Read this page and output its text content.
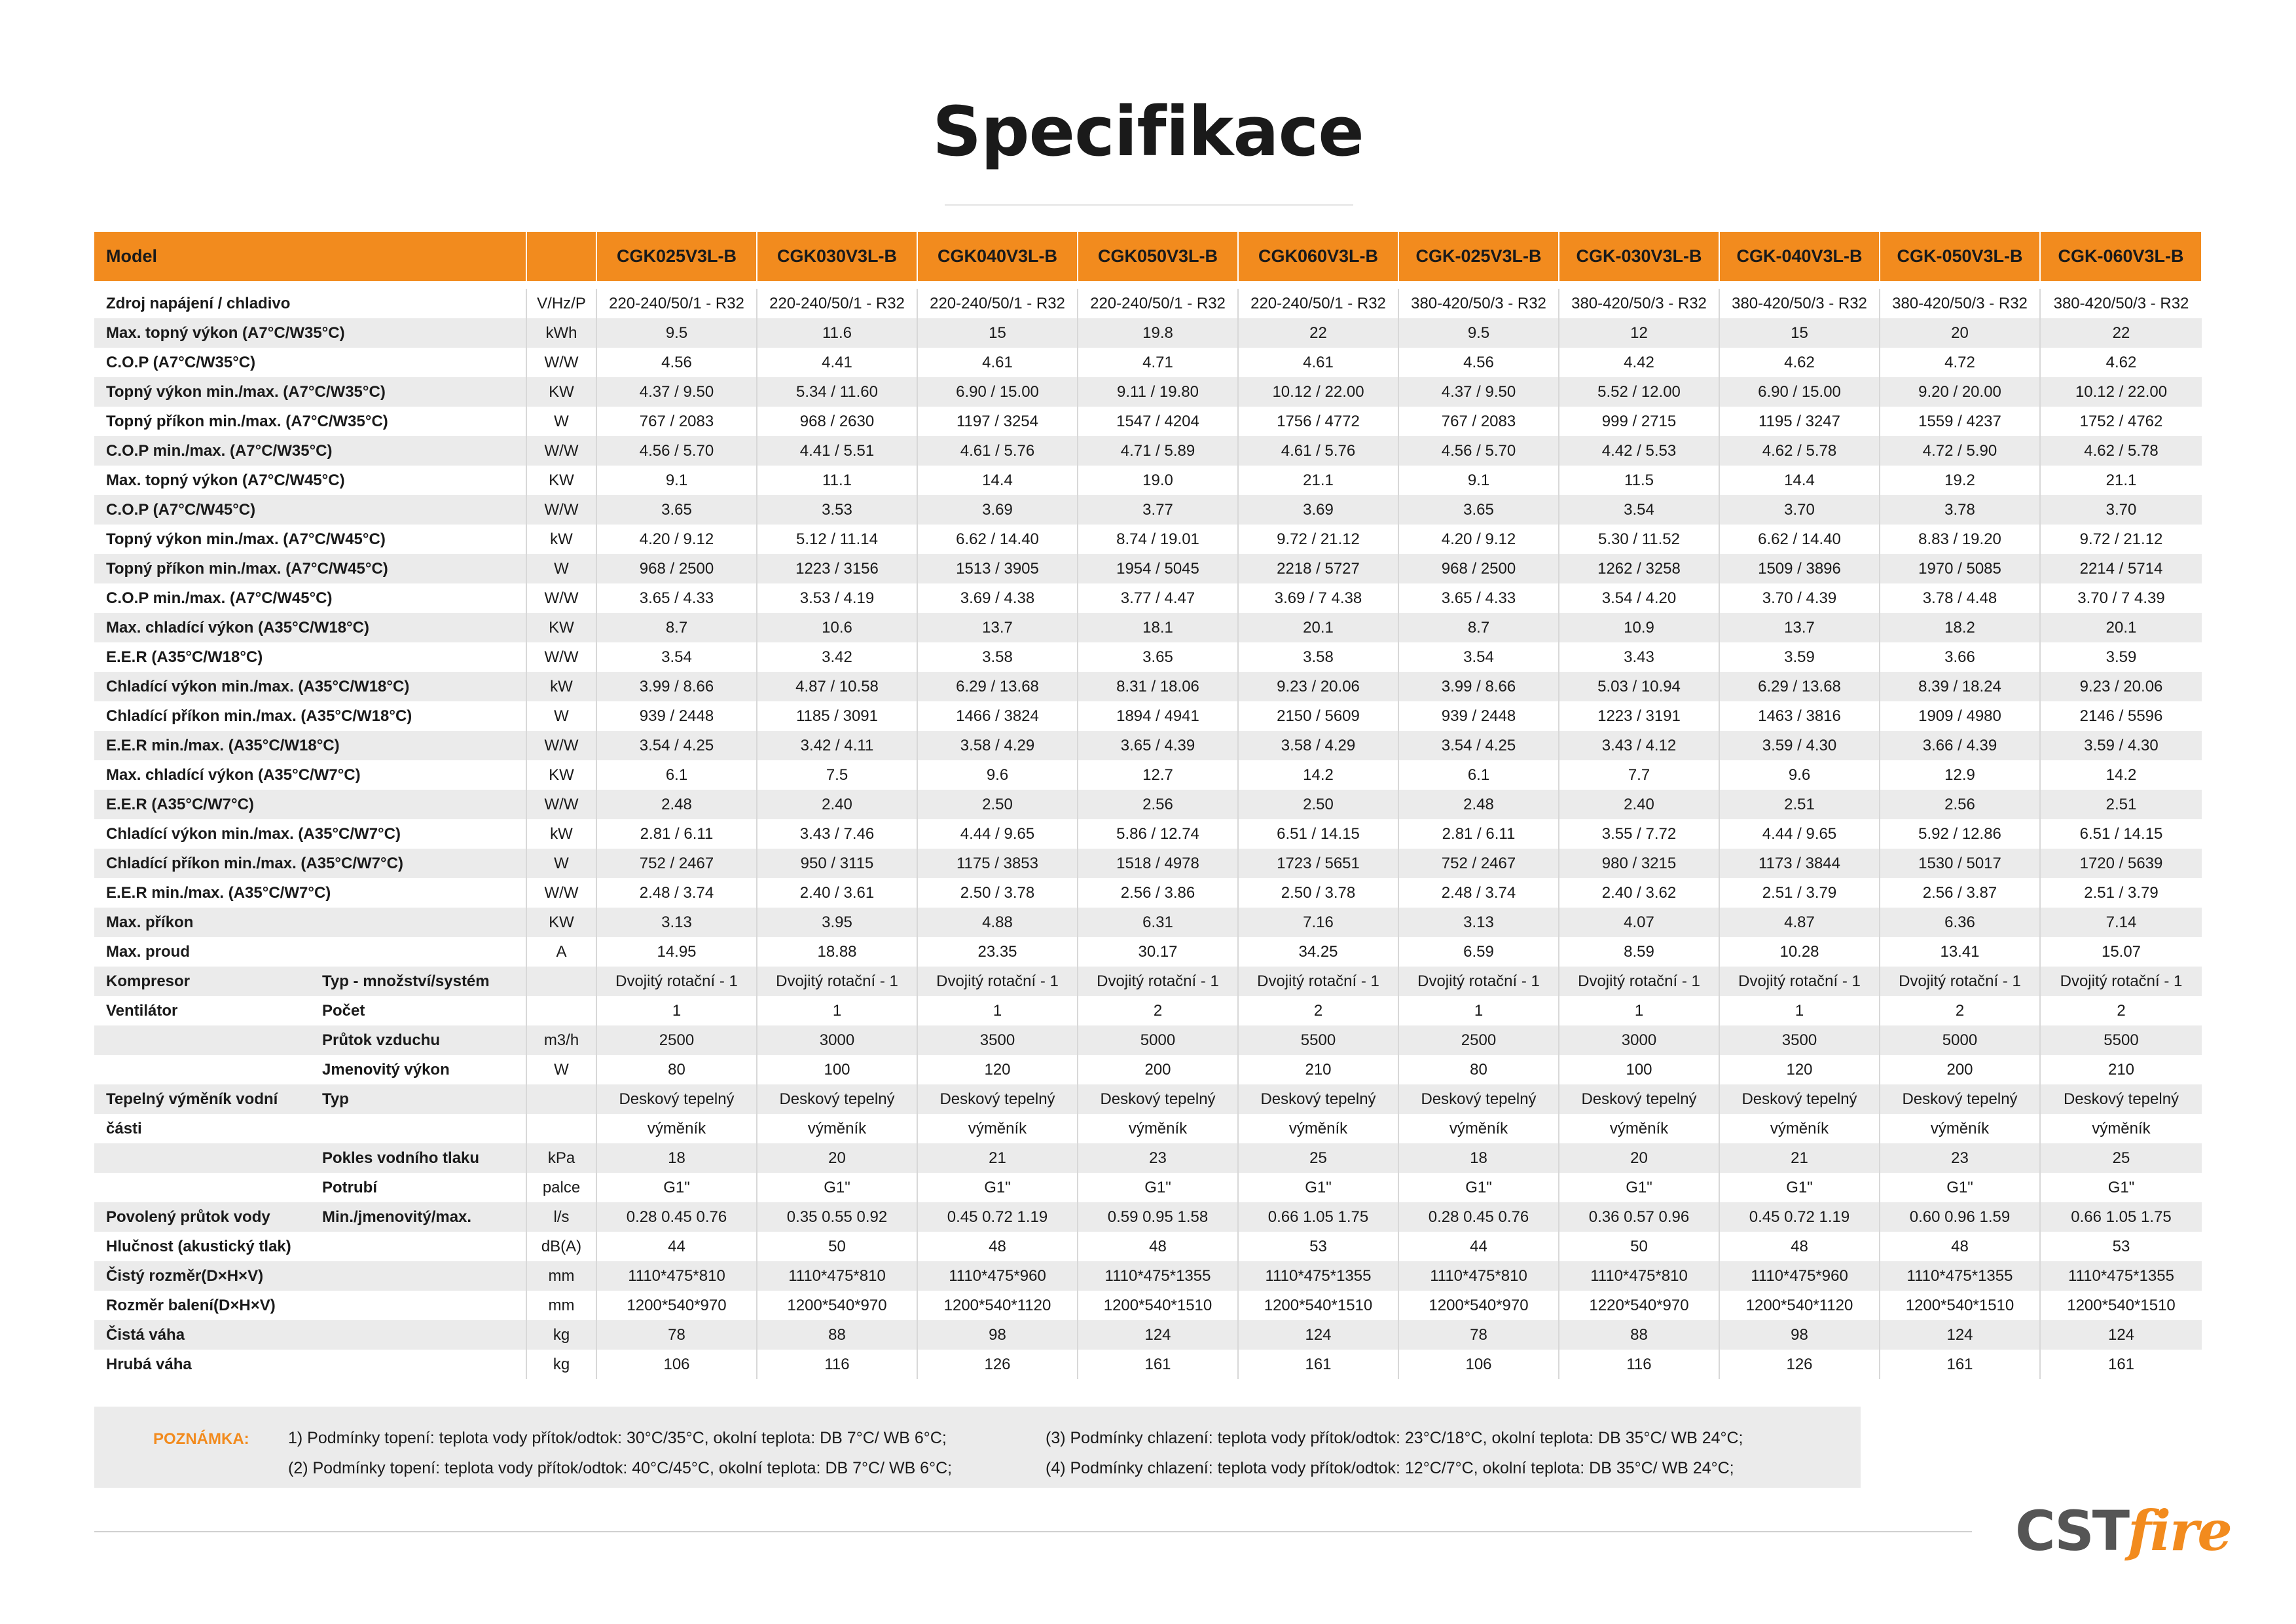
Specifikace
Model			CGK025V3L-B	CGK030V3L-B	CGK040V3L-B	CGK050V3L-B	CGK060V3L-B	CGK-025V3L-B	CGK-030V3L-B	CGK-040V3L-B	CGK-050V3L-B	CGK-060V3L-B

Zdroj napájení / chladivo		V/Hz/P	220-240/50/1 - R32	220-240/50/1 - R32	220-240/50/1 - R32	220-240/50/1 - R32	220-240/50/1 - R32	380-420/50/3 - R32	380-420/50/3 - R32	380-420/50/3 - R32	380-420/50/3 - R32	380-420/50/3 - R32
Max. topný výkon (A7°C/W35°C)		kWh	9.5	11.6	15	19.8	22	9.5	12	15	20	22
C.O.P (A7°C/W35°C)		W/W	4.56	4.41	4.61	4.71	4.61	4.56	4.42	4.62	4.72	4.62
Topný výkon min./max. (A7°C/W35°C)		KW	4.37 / 9.50	5.34 / 11.60	6.90 / 15.00	9.11 / 19.80	10.12 / 22.00	4.37 / 9.50	5.52 / 12.00	6.90 / 15.00	9.20 / 20.00	10.12 / 22.00
Topný příkon min./max. (A7°C/W35°C)		W	767 / 2083	968 / 2630	1197 / 3254	1547 / 4204	1756 / 4772	767 / 2083	999 / 2715	1195 / 3247	1559 / 4237	1752 / 4762
C.O.P min./max. (A7°C/W35°C)		W/W	4.56 / 5.70	4.41 / 5.51	4.61 / 5.76	4.71 / 5.89	4.61 / 5.76	4.56 / 5.70	4.42 / 5.53	4.62 / 5.78	4.72 / 5.90	4.62 / 5.78
Max. topný výkon (A7°C/W45°C)		KW	9.1	11.1	14.4	19.0	21.1	9.1	11.5	14.4	19.2	21.1
C.O.P (A7°C/W45°C)		W/W	3.65	3.53	3.69	3.77	3.69	3.65	3.54	3.70	3.78	3.70
Topný výkon min./max. (A7°C/W45°C)		kW	4.20 / 9.12	5.12 / 11.14	6.62 / 14.40	8.74 / 19.01	9.72 / 21.12	4.20 / 9.12	5.30 / 11.52	6.62 / 14.40	8.83 / 19.20	9.72 / 21.12
Topný příkon min./max. (A7°C/W45°C)		W	968 / 2500	1223 / 3156	1513 / 3905	1954 / 5045	2218 / 5727	968 / 2500	1262 / 3258	1509 / 3896	1970 / 5085	2214 / 5714
C.O.P min./max. (A7°C/W45°C)		W/W	3.65 / 4.33	3.53 / 4.19	3.69 / 4.38	3.77 / 4.47	3.69 / 7 4.38	3.65 / 4.33	3.54 / 4.20	3.70 / 4.39	3.78 / 4.48	3.70 / 7 4.39
Max. chladící výkon (A35°C/W18°C)		KW	8.7	10.6	13.7	18.1	20.1	8.7	10.9	13.7	18.2	20.1
E.E.R (A35°C/W18°C)		W/W	3.54	3.42	3.58	3.65	3.58	3.54	3.43	3.59	3.66	3.59
Chladící výkon min./max. (A35°C/W18°C)		kW	3.99 / 8.66	4.87 / 10.58	6.29 / 13.68	8.31 / 18.06	9.23 / 20.06	3.99 / 8.66	5.03 / 10.94	6.29 / 13.68	8.39 / 18.24	9.23 / 20.06
Chladící příkon min./max. (A35°C/W18°C)		W	939 / 2448	1185 / 3091	1466 / 3824	1894 / 4941	2150 / 5609	939 / 2448	1223 / 3191	1463 / 3816	1909 / 4980	2146 / 5596
E.E.R min./max. (A35°C/W18°C)		W/W	3.54 / 4.25	3.42 / 4.11	3.58 / 4.29	3.65 / 4.39	3.58 / 4.29	3.54 / 4.25	3.43 / 4.12	3.59 / 4.30	3.66 / 4.39	3.59 / 4.30
Max. chladící výkon (A35°C/W7°C)		KW	6.1	7.5	9.6	12.7	14.2	6.1	7.7	9.6	12.9	14.2
E.E.R (A35°C/W7°C)		W/W	2.48	2.40	2.50	2.56	2.50	2.48	2.40	2.51	2.56	2.51
Chladící výkon min./max. (A35°C/W7°C)		kW	2.81 / 6.11	3.43 / 7.46	4.44 / 9.65	5.86 / 12.74	6.51 / 14.15	2.81 / 6.11	3.55 / 7.72	4.44 / 9.65	5.92 / 12.86	6.51 / 14.15
Chladící příkon min./max. (A35°C/W7°C)		W	752 / 2467	950 / 3115	1175 / 3853	1518 / 4978	1723 / 5651	752 / 2467	980 / 3215	1173 / 3844	1530 / 5017	1720 / 5639
E.E.R min./max. (A35°C/W7°C)		W/W	2.48 / 3.74	2.40 / 3.61	2.50 / 3.78	2.56 / 3.86	2.50 / 3.78	2.48 / 3.74	2.40 / 3.62	2.51 / 3.79	2.56 / 3.87	2.51 / 3.79
Max. příkon		KW	3.13	3.95	4.88	6.31	7.16	3.13	4.07	4.87	6.36	7.14
Max. proud		A	14.95	18.88	23.35	30.17	34.25	6.59	8.59	10.28	13.41	15.07
Kompresor	Typ - množství/systém		Dvojitý rotační - 1	Dvojitý rotační - 1	Dvojitý rotační - 1	Dvojitý rotační - 1	Dvojitý rotační - 1	Dvojitý rotační - 1	Dvojitý rotační - 1	Dvojitý rotační - 1	Dvojitý rotační - 1	Dvojitý rotační - 1
Ventilátor	Počet		1	1	1	2	2	1	1	1	2	2
	Průtok vzduchu	m3/h	2500	3000	3500	5000	5500	2500	3000	3500	5000	5500
	Jmenovitý výkon	W	80	100	120	200	210	80	100	120	200	210
Tepelný výměník vodní	Typ		Deskový tepelný	Deskový tepelný	Deskový tepelný	Deskový tepelný	Deskový tepelný	Deskový tepelný	Deskový tepelný	Deskový tepelný	Deskový tepelný	Deskový tepelný
části			výměník	výměník	výměník	výměník	výměník	výměník	výměník	výměník	výměník	výměník
	Pokles vodního tlaku	kPa	18	20	21	23	25	18	20	21	23	25
	Potrubí	palce	G1"	G1"	G1"	G1"	G1"	G1"	G1"	G1"	G1"	G1"
Povolený průtok vody	Min./jmenovitý/max.	l/s	0.28 0.45 0.76	0.35 0.55 0.92	0.45 0.72 1.19	0.59 0.95 1.58	0.66 1.05 1.75	0.28 0.45 0.76	0.36 0.57 0.96	0.45 0.72 1.19	0.60 0.96 1.59	0.66 1.05 1.75
Hlučnost (akustický tlak)		dB(A)	44	50	48	48	53	44	50	48	48	53
Čistý rozměr(D×H×V)		mm	1110*475*810	1110*475*810	1110*475*960	1110*475*1355	1110*475*1355	1110*475*810	1110*475*810	1110*475*960	1110*475*1355	1110*475*1355
Rozměr balení(D×H×V)		mm	1200*540*970	1200*540*970	1200*540*1120	1200*540*1510	1200*540*1510	1200*540*970	1220*540*970	1200*540*1120	1200*540*1510	1200*540*1510
Čistá váha		kg	78	88	98	124	124	78	88	98	124	124
Hrubá váha		kg	106	116	126	161	161	106	116	126	161	161
POZNÁMKA: 1) Podmínky topení: teplota vody přítok/odtok: 30°C/35°C, okolní teplota: DB 7°C/ WB 6°C;
(2) Podmínky topení: teplota vody přítok/odtok: 40°C/45°C, okolní teplota: DB 7°C/ WB 6°C;
(3) Podmínky chlazení: teplota vody přítok/odtok: 23°C/18°C, okolní teplota: DB 35°C/ WB 24°C;
(4) Podmínky chlazení: teplota vody přítok/odtok: 12°C/7°C, okolní teplota: DB 35°C/ WB 24°C;
CSTfire
